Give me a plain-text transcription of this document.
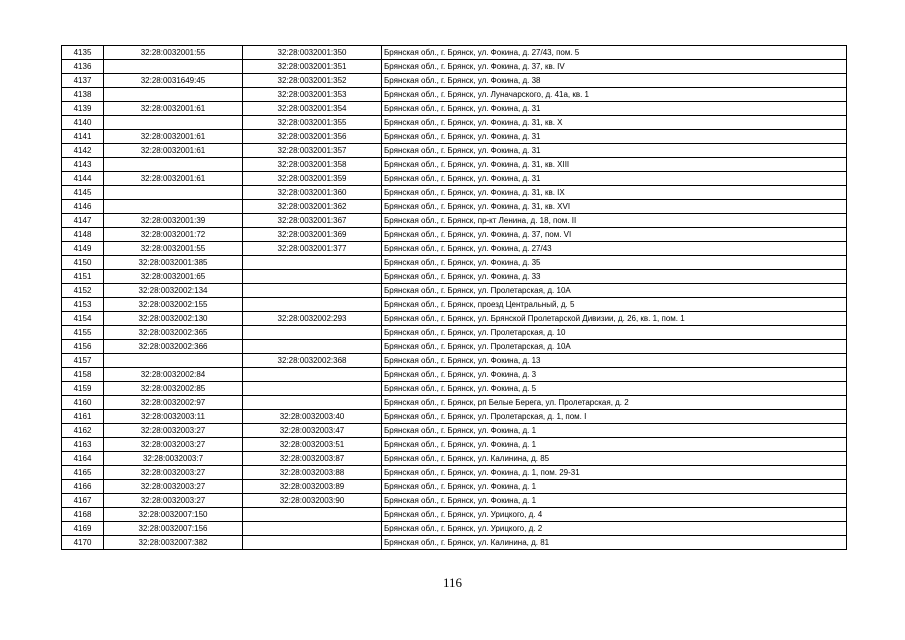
4135	32:28:0032001:55	32:28:0032001:350	Брянская обл., г. Брянск, ул. Фокина, д. 27/43, пом. 5
4136		32:28:0032001:351	Брянская обл., г. Брянск, ул. Фокина, д. 37, кв. IV
4137	32:28:0031649:45	32:28:0032001:352	Брянская обл., г. Брянск, ул. Фокина, д. 38
4138		32:28:0032001:353	Брянская обл., г. Брянск, ул. Луначарского, д. 41а, кв. 1
4139	32:28:0032001:61	32:28:0032001:354	Брянская обл., г. Брянск, ул. Фокина, д. 31
4140		32:28:0032001:355	Брянская обл., г. Брянск, ул. Фокина, д. 31, кв. X
4141	32:28:0032001:61	32:28:0032001:356	Брянская обл., г. Брянск, ул. Фокина, д. 31
4142	32:28:0032001:61	32:28:0032001:357	Брянская обл., г. Брянск, ул. Фокина, д. 31
4143		32:28:0032001:358	Брянская обл., г. Брянск, ул. Фокина, д. 31, кв. XIII
4144	32:28:0032001:61	32:28:0032001:359	Брянская обл., г. Брянск, ул. Фокина, д. 31
4145		32:28:0032001:360	Брянская обл., г. Брянск, ул. Фокина, д. 31, кв. IX
4146		32:28:0032001:362	Брянская обл., г. Брянск, ул. Фокина, д. 31, кв. XVI
4147	32:28:0032001:39	32:28:0032001:367	Брянская обл., г. Брянск, пр-кт Ленина, д. 18, пом. II
4148	32:28:0032001:72	32:28:0032001:369	Брянская обл., г. Брянск, ул. Фокина, д. 37, пом. VI
4149	32:28:0032001:55	32:28:0032001:377	Брянская обл., г. Брянск, ул. Фокина, д. 27/43
4150	32:28:0032001:385		Брянская обл., г. Брянск, ул. Фокина, д. 35
4151	32:28:0032001:65		Брянская обл., г. Брянск, ул. Фокина, д. 33
4152	32:28:0032002:134		Брянская обл., г. Брянск, ул. Пролетарская, д. 10А
4153	32:28:0032002:155		Брянская обл., г. Брянск, проезд Центральный, д. 5
4154	32:28:0032002:130	32:28:0032002:293	Брянская обл., г. Брянск, ул. Брянской Пролетарской Дивизии, д. 26, кв. 1, пом. 1
4155	32:28:0032002:365		Брянская обл., г. Брянск, ул. Пролетарская, д. 10
4156	32:28:0032002:366		Брянская обл., г. Брянск, ул. Пролетарская, д. 10А
4157		32:28:0032002:368	Брянская обл., г. Брянск, ул. Фокина, д. 13
4158	32:28:0032002:84		Брянская обл., г. Брянск, ул. Фокина, д. 3
4159	32:28:0032002:85		Брянская обл., г. Брянск, ул. Фокина, д. 5
4160	32:28:0032002:97		Брянская обл., г. Брянск, рп Белые Берега, ул. Пролетарская, д. 2
4161	32:28:0032003:11	32:28:0032003:40	Брянская обл., г. Брянск, ул. Пролетарская, д. 1, пом. I
4162	32:28:0032003:27	32:28:0032003:47	Брянская обл., г. Брянск, ул. Фокина, д. 1
4163	32:28:0032003:27	32:28:0032003:51	Брянская обл., г. Брянск, ул. Фокина, д. 1
4164	32:28:0032003:7	32:28:0032003:87	Брянская обл., г. Брянск, ул. Калинина, д. 85
4165	32:28:0032003:27	32:28:0032003:88	Брянская обл., г. Брянск, ул. Фокина, д. 1, пом. 29-31
4166	32:28:0032003:27	32:28:0032003:89	Брянская обл., г. Брянск, ул. Фокина, д. 1
4167	32:28:0032003:27	32:28:0032003:90	Брянская обл., г. Брянск, ул. Фокина, д. 1
4168	32:28:0032007:150		Брянская обл., г. Брянск, ул. Урицкого, д. 4
4169	32:28:0032007:156		Брянская обл., г. Брянск, ул. Урицкого, д. 2
4170	32:28:0032007:382		Брянская обл., г. Брянск, ул. Калинина, д. 81
116
